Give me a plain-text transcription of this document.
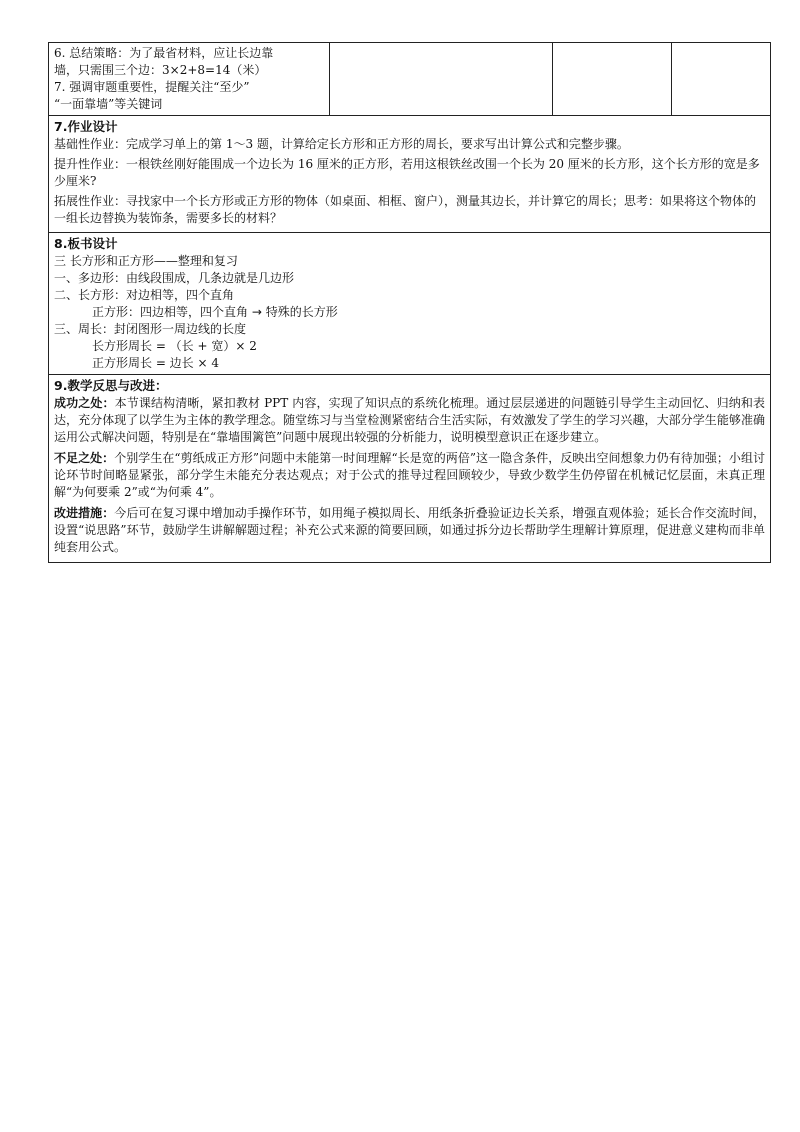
6. 总结策略：为了最省材料，应让长边靠

墙，只需围三个边：3×2+8=14（米）

7. 强调审题重要性，提醒关注“至少”

“一面靠墙”等关键词

7.作业设计

基础性作业：完成学习单上的第 1～3 题，计算给定长方形和正方形的周长，要求写出计算公式和完整步骤。

提升性作业：一根铁丝刚好能围成一个边长为 16 厘米的正方形，若用这根铁丝改围一个长为 20 厘米的长方形，这个长方形的宽是多少厘米?

拓展性作业：寻找家中一个长方形或正方形的物体（如桌面、相框、窗户），测量其边长，并计算它的周长；思考：如果将这个物体的一组长边替换为装饰条，需要多长的材料？

8.板书设计

三 长方形和正方形——整理和复习

一、多边形：由线段围成，几条边就是几边形

二、长方形：对边相等，四个直角

正方形：四边相等，四个直角 → 特殊的长方形

三、周长：封闭图形一周边线的长度

长方形周长 = （长 + 宽）× 2

正方形周长 = 边长 × 4

9.教学反思与改进：

成功之处：本节课结构清晰，紧扣教材 PPT 内容，实现了知识点的系统化梳理。通过层层递进的问题链引导学生主动回忆、归纳和表达，充分体现了以学生为主体的教学理念。随堂练习与当堂检测紧密结合生活实际，有效激发了学生的学习兴趣，大部分学生能够准确运用公式解决问题，特别是在“靠墙围篱笆”问题中展现出较强的分析能力，说明模型意识正在逐步建立。

不足之处：个别学生在“剪纸成正方形”问题中未能第一时间理解“长是宽的两倍”这一隐含条件，反映出空间想象力仍有待加强；小组讨论环节时间略显紧张，部分学生未能充分表达观点；对于公式的推导过程回顾较少，导致少数学生仍停留在机械记忆层面，未真正理解“为何要乘 2”或“为何乘 4”。

改进措施：今后可在复习课中增加动手操作环节，如用绳子模拟周长、用纸条折叠验证边长关系，增强直观体验；延长合作交流时间，设置“说思路”环节，鼓励学生讲解解题过程；补充公式来源的简要回顾，如通过拆分边长帮助学生理解计算原理，促进意义建构而非单纯套用公式。
